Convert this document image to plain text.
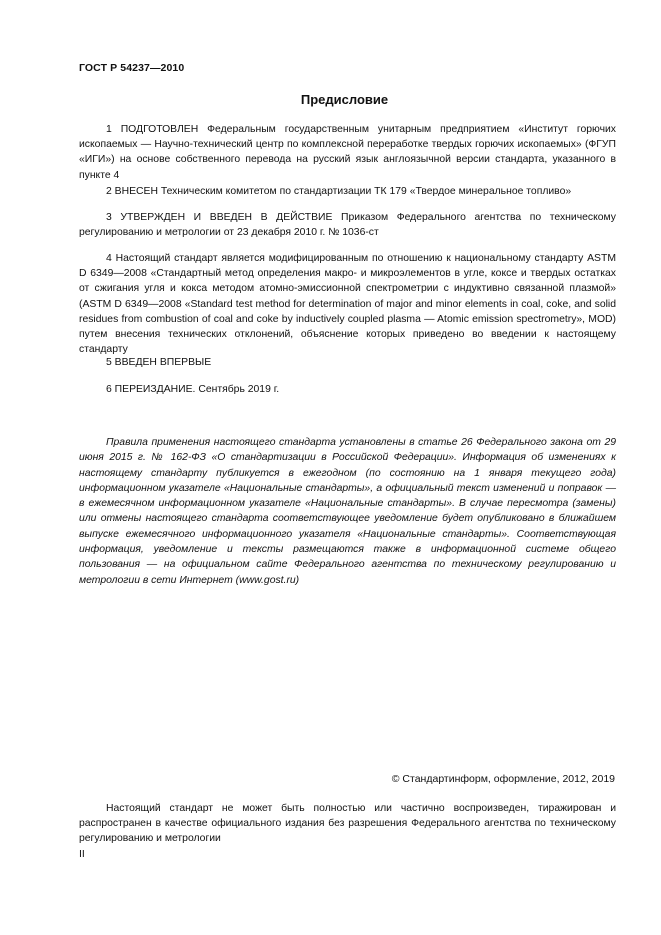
ГОСТ Р 54237—2010
Предисловие

1 ПОДГОТОВЛЕН Федеральным государственным унитарным предприятием «Институт горючих ископаемых — Научно-технический центр по комплексной переработке твердых горючих ископаемых» (ФГУП «ИГИ») на основе собственного перевода на русский язык англоязычной версии стандарта, указанного в пункте 4

2 ВНЕСЕН Техническим комитетом по стандартизации ТК 179 «Твердое минеральное топливо»

3 УТВЕРЖДЕН И ВВЕДЕН В ДЕЙСТВИЕ Приказом Федерального агентства по техническому регулированию и метрологии от 23 декабря 2010 г. № 1036-ст

4 Настоящий стандарт является модифицированным по отношению к национальному стандарту ASTM D 6349—2008 «Стандартный метод определения макро- и микроэлементов в угле, коксе и твердых остатках от сжигания угля и кокса методом атомно-эмиссионной спектрометрии с индуктивно связанной плазмой» (ASTM D 6349—2008 «Standard test method for determination of major and minor elements in coal, coke, and solid residues from combustion of coal and coke by inductively coupled plasma — Atomic emission spectrometry», MOD) путем внесения технических отклонений, объяснение которых приведено во введении к настоящему стандарту

5 ВВЕДЕН ВПЕРВЫЕ

6 ПЕРЕИЗДАНИЕ. Сентябрь 2019 г.

Правила применения настоящего стандарта установлены в статье 26 Федерального закона от 29 июня 2015 г. № 162-ФЗ «О стандартизации в Российской Федерации». Информация об изменениях к настоящему стандарту публикуется в ежегодном (по состоянию на 1 января текущего года) информационном указателе «Национальные стандарты», а официальный текст изменений и поправок — в ежемесячном информационном указателе «Национальные стандарты». В случае пересмотра (замены) или отмены настоящего стандарта соответствующее уведомление будет опубликовано в ближайшем выпуске ежемесячного информационного указателя «Национальные стандарты». Соответствующая информация, уведомление и тексты размещаются также в информационной системе общего пользования — на официальном сайте Федерального агентства по техническому регулированию и метрологии в сети Интернет (www.gost.ru)

© Стандартинформ, оформление, 2012, 2019

Настоящий стандарт не может быть полностью или частично воспроизведен, тиражирован и распространен в качестве официального издания без разрешения Федерального агентства по техническому регулированию и метрологии

II
